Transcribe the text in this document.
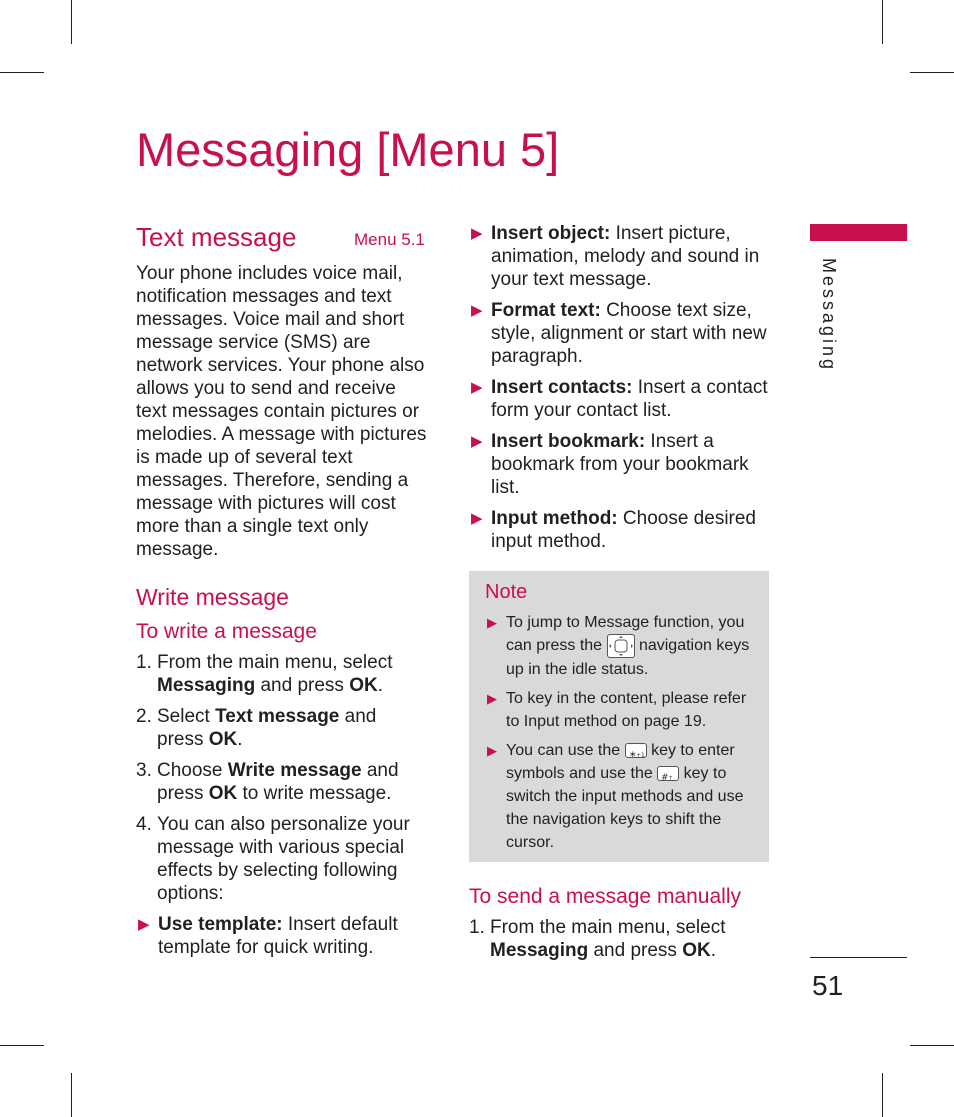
Messaging [Menu 5]
Messaging
51
Menu 5.1

Text message

Your phone includes voice mail, notification messages and text messages. Voice mail and short message service (SMS) are network services. Your phone also allows you to send and receive text messages contain pictures or melodies. A message with pictures is made up of several text messages. Therefore, sending a message with pictures will cost more than a single text only message.

Write message

To write a message

1. From the main menu, select Messaging and press OK.
2. Select Text message and press OK.
3. Choose Write message and press OK to write message.
4. You can also personalize your message with various special effects by selecting following options:
▶ Use template: Insert default template for quick writing.
▶ Insert object: Insert picture, animation, melody and sound in your text message.
▶ Format text: Choose text size, style, alignment or start with new paragraph.
▶ Insert contacts: Insert a contact form your contact list.
▶ Insert bookmark: Insert a bookmark from your bookmark list.
▶ Input method: Choose desired input method.
Note
▶ To jump to Message function, you can press the  navigation keys up in the idle status.
▶ To key in the content, please refer to Input method on page 19.
▶ You can use the ∗ +1 key to enter symbols and use the # ↑ key to switch the input methods and use the navigation keys to shift the cursor.

To send a message manually

1. From the main menu, select Messaging and press OK.
